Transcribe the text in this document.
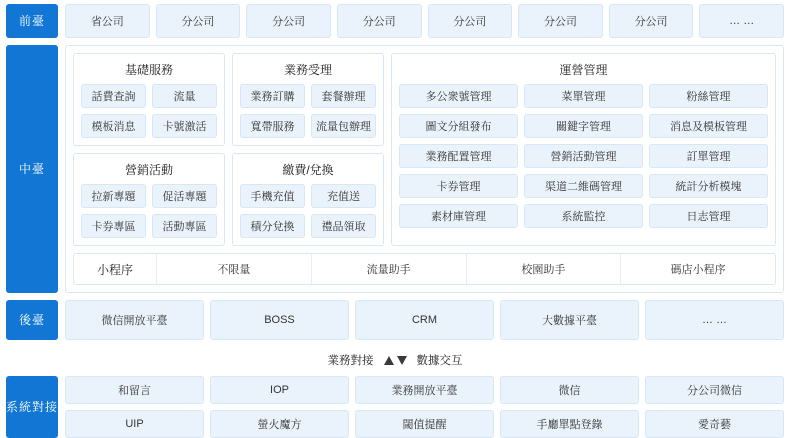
前臺	省公司	分公司	分公司	分公司	分公司	分公司	分公司	… …
中臺
基礎服務
話費查詢	流量
模板消息	卡號激活
營銷活動
拉新專題	促活專題
卡券專區	活動專區
業務受理
業務訂購	套餐辦理
寬帶服務	流量包辦理
繳費/兌換
手機充值	充值送
積分兌換	禮品領取
運營管理
多公衆號管理	菜單管理	粉絲管理
圖文分組發布	關鍵字管理	消息及模板管理
業務配置管理	營銷活動管理	訂單管理
卡券管理	渠道二維碼管理	統計分析模塊
素材庫管理	系統監控	日志管理
小程序	不限量	流量助手	校園助手	碼店小程序
後臺	微信開放平臺	BOSS	CRM	大數據平臺	… …
業務對接	數據交互
系統 對接
和留言	IOP	業務開放平臺	微信	分公司微信
UIP	螢火魔方	閾值提醒	手廳單點登錄	愛奇藝
